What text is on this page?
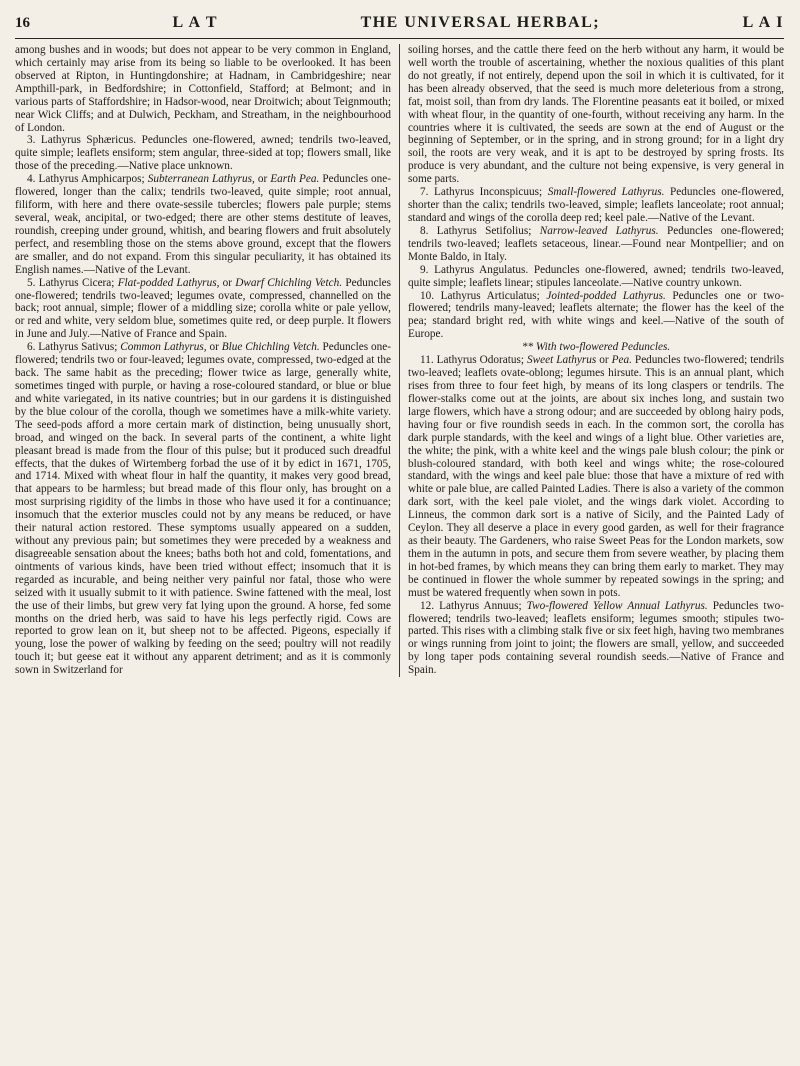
16	L A T	THE UNIVERSAL HERBAL;	L A I

among bushes and in woods; but does not appear to be very common in England, which certainly may arise from its being so liable to be overlooked. It has been observed at Ripton, in Huntingdonshire; at Hadnam, in Cambridgeshire; near Ampthill-park, in Bedfordshire; in Cottonfield, Stafford; at Belmont; and in various parts of Staffordshire; in Hadsor-wood, near Droitwich; about Teignmouth; near Wick Cliffs; and at Dulwich, Peckham, and Streatham, in the neighbourhood of London.

3. Lathyrus Sphæricus. Peduncles one-flowered, awned; tendrils two-leaved, quite simple; leaflets ensiform; stem angular, three-sided at top; flowers small, like those of the preceding.—Native place unknown.

4. Lathyrus Amphicarpos; Subterranean Lathyrus, or Earth Pea. Peduncles one-flowered, longer than the calix; tendrils two-leaved, quite simple; root annual, filiform, with here and there ovate-sessile tubercles; flowers pale purple; stems several, weak, ancipital, or two-edged; there are other stems destitute of leaves, roundish, creeping under ground, whitish, and bearing flowers and fruit absolutely perfect, and resembling those on the stems above ground, except that the flowers are smaller, and do not expand. From this singular peculiarity, it has obtained its English names.—Native of the Levant.

5. Lathyrus Cicera; Flat-podded Lathyrus, or Dwarf Chichling Vetch. Peduncles one-flowered; tendrils two-leaved; legumes ovate, compressed, channelled on the back; root annual, simple; flower of a middling size; corolla white or pale yellow, or red and white, very seldom blue, sometimes quite red, or deep purple. It flowers in June and July.—Native of France and Spain.

6. Lathyrus Sativus; Common Lathyrus, or Blue Chichling Vetch. Peduncles one-flowered; tendrils two or four-leaved; legumes ovate, compressed, two-edged at the back. The same habit as the preceding; flower twice as large, generally white, sometimes tinged with purple, or having a rose-coloured standard, or blue or blue and white variegated, in its native countries; but in our gardens it is distinguished by the blue colour of the corolla, though we sometimes have a milk-white variety. The seed-pods afford a more certain mark of distinction, being unusually short, broad, and winged on the back. In several parts of the continent, a white light pleasant bread is made from the flour of this pulse; but it produced such dreadful effects, that the dukes of Wirtemberg forbad the use of it by edict in 1671, 1705, and 1714. Mixed with wheat flour in half the quantity, it makes very good bread, that appears to be harmless; but bread made of this flour only, has brought on a most surprising rigidity of the limbs in those who have used it for a continuance; insomuch that the exterior muscles could not by any means be reduced, or have their natural action restored. These symptoms usually appeared on a sudden, without any previous pain; but sometimes they were preceded by a weakness and disagreeable sensation about the knees; baths both hot and cold, fomentations, and ointments of various kinds, have been tried without effect; insomuch that it is regarded as incurable, and being neither very painful nor fatal, those who were seized with it usually submit to it with patience. Swine fattened with the meal, lost the use of their limbs, but grew very fat lying upon the ground. A horse, fed some months on the dried herb, was said to have his legs perfectly rigid. Cows are reported to grow lean on it, but sheep not to be affected. Pigeons, especially if young, lose the power of walking by feeding on the seed; poultry will not readily touch it; but geese eat it without any apparent detriment; and as it is commonly sown in Switzerland for

soiling horses, and the cattle there feed on the herb without any harm, it would be well worth the trouble of ascertaining, whether the noxious qualities of this plant do not greatly, if not entirely, depend upon the soil in which it is cultivated, for it has been already observed, that the seed is much more deleterious from a strong, fat, moist soil, than from dry lands. The Florentine peasants eat it boiled, or mixed with wheat flour, in the quantity of one-fourth, without receiving any harm. In the countries where it is cultivated, the seeds are sown at the end of August or the beginning of September, or in the spring, and in strong ground; for in a light dry soil, the roots are very weak, and it is apt to be destroyed by spring frosts. Its produce is very abundant, and the culture not being expensive, is very general in some parts.

7. Lathyrus Inconspicuus; Small-flowered Lathyrus. Peduncles one-flowered, shorter than the calix; tendrils two-leaved, simple; leaflets lanceolate; root annual; standard and wings of the corolla deep red; keel pale.—Native of the Levant.

8. Lathyrus Setifolius; Narrow-leaved Lathyrus. Peduncles one-flowered; tendrils two-leaved; leaflets setaceous, linear.—Found near Montpellier; and on Monte Baldo, in Italy.

9. Lathyrus Angulatus. Peduncles one-flowered, awned; tendrils two-leaved, quite simple; leaflets linear; stipules lanceolate.—Native country unkown.

10. Lathyrus Articulatus; Jointed-podded Lathyrus. Peduncles one or two-flowered; tendrils many-leaved; leaflets alternate; the flower has the keel of the pea; standard bright red, with white wings and keel.—Native of the south of Europe.

** With two-flowered Peduncles.

11. Lathyrus Odoratus; Sweet Lathyrus or Pea. Peduncles two-flowered; tendrils two-leaved; leaflets ovate-oblong; legumes hirsute. This is an annual plant, which rises from three to four feet high, by means of its long claspers or tendrils. The flower-stalks come out at the joints, are about six inches long, and sustain two large flowers, which have a strong odour; and are succeeded by oblong hairy pods, having four or five roundish seeds in each. In the common sort, the corolla has dark purple standards, with the keel and wings of a light blue. Other varieties are, the white; the pink, with a white keel and the wings pale blush colour; the pink or blush-coloured standard, with both keel and wings white; the rose-coloured standard, with the wings and keel pale blue: those that have a mixture of red with white or pale blue, are called Painted Ladies. There is also a variety of the common dark sort, with the keel pale violet, and the wings dark violet. According to Linneus, the common dark sort is a native of Sicily, and the Painted Lady of Ceylon. They all deserve a place in every good garden, as well for their fragrance as their beauty. The Gardeners, who raise Sweet Peas for the London markets, sow them in the autumn in pots, and secure them from severe weather, by placing them in hot-bed frames, by which means they can bring them early to market. They may be continued in flower the whole summer by repeated sowings in the spring; and must be watered frequently when sown in pots.

12. Lathyrus Annuus; Two-flowered Yellow Annual Lathyrus. Peduncles two-flowered; tendrils two-leaved; leaflets ensiform; legumes smooth; stipules two-parted. This rises with a climbing stalk five or six feet high, having two membranes or wings running from joint to joint; the flowers are small, yellow, and succeeded by long taper pods containing several roundish seeds.—Native of France and Spain.
